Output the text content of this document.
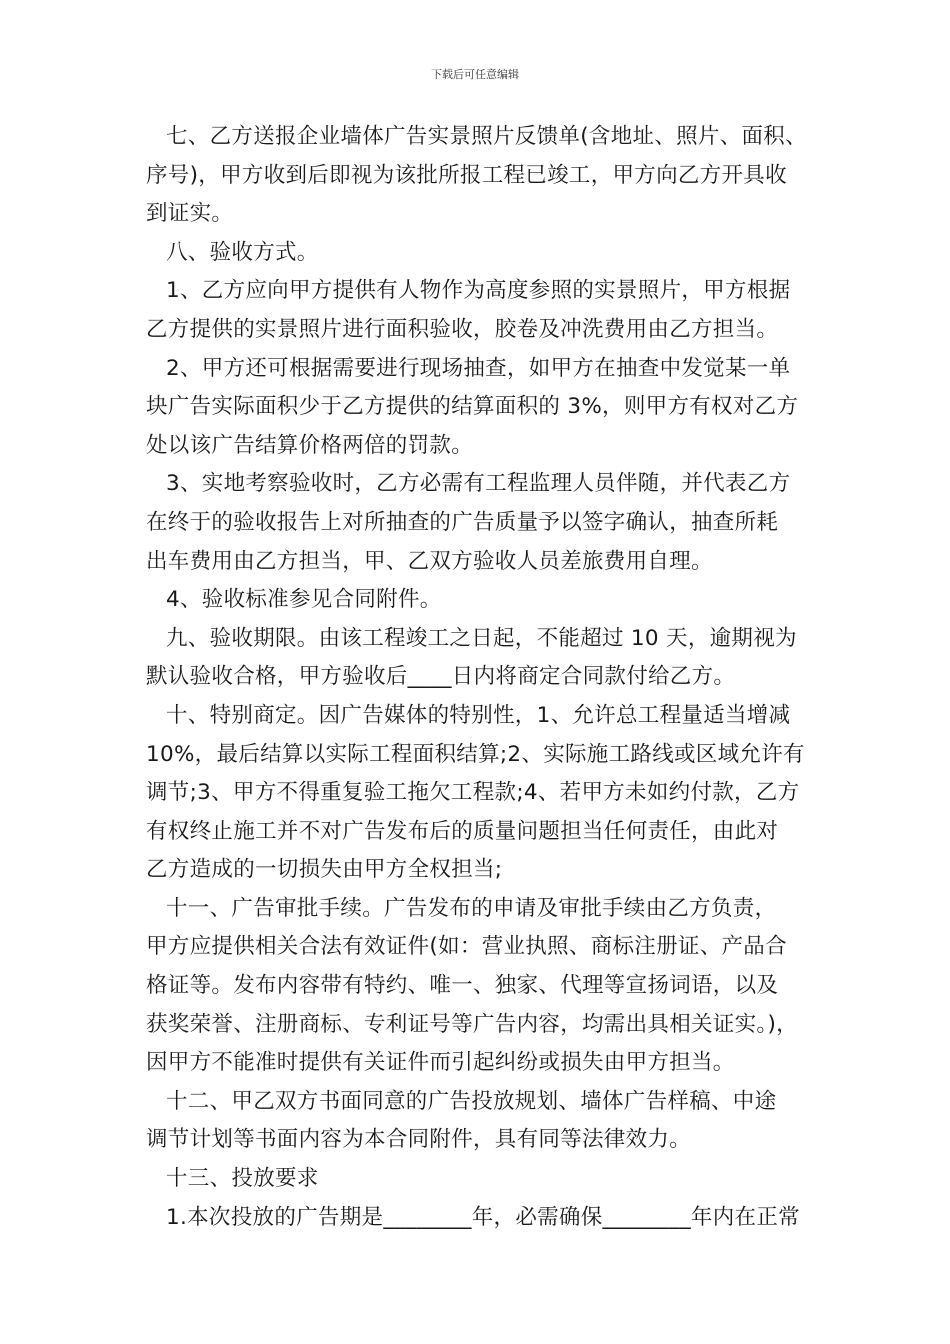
下载后可任意编辑
七、乙方送报企业墙体广告实景照片反馈单(含地址、照片、面积、
序号)，甲方收到后即视为该批所报工程已竣工，甲方向乙方开具收
到证实。
八、验收方式。
1、乙方应向甲方提供有人物作为高度参照的实景照片，甲方根据
乙方提供的实景照片进行面积验收，胶卷及冲洗费用由乙方担当。
2、甲方还可根据需要进行现场抽查，如甲方在抽查中发觉某一单
块广告实际面积少于乙方提供的结算面积的 3%，则甲方有权对乙方
处以该广告结算价格两倍的罚款。
3、实地考察验收时，乙方必需有工程监理人员伴随，并代表乙方
在终于的验收报告上对所抽查的广告质量予以签字确认，抽查所耗
出车费用由乙方担当，甲、乙双方验收人员差旅费用自理。
4、验收标准参见合同附件。
九、验收期限。由该工程竣工之日起，不能超过 10 天，逾期视为
默认验收合格，甲方验收后____日内将商定合同款付给乙方。
十、特别商定。因广告媒体的特别性，1、允许总工程量适当增减
10%，最后结算以实际工程面积结算;2、实际施工路线或区域允许有
调节;3、甲方不得重复验工拖欠工程款;4、若甲方未如约付款，乙方
有权终止施工并不对广告发布后的质量问题担当任何责任，由此对
乙方造成的一切损失由甲方全权担当;
十一、广告审批手续。广告发布的申请及审批手续由乙方负责，
甲方应提供相关合法有效证件(如：营业执照、商标注册证、产品合
格证等。发布内容带有特约、唯一、独家、代理等宣扬词语，以及
获奖荣誉、注册商标、专利证号等广告内容，均需出具相关证实。)，
因甲方不能准时提供有关证件而引起纠纷或损失由甲方担当。
十二、甲乙双方书面同意的广告投放规划、墙体广告样稿、中途
调节计划等书面内容为本合同附件，具有同等法律效力。
十三、投放要求
1.本次投放的广告期是________年，必需确保________年内在正常
